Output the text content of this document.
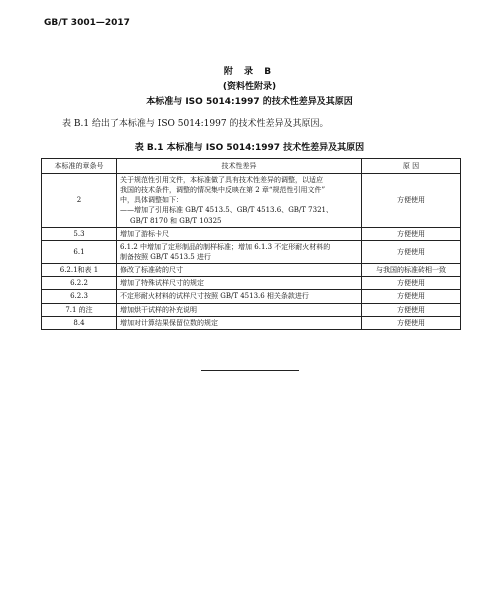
GB/T 3001—2017
附 录 B
(资料性附录)
本标准与 ISO 5014:1997 的技术性差异及其原因
表 B.1 给出了本标准与 ISO 5014:1997 的技术性差异及其原因。
表 B.1 本标准与 ISO 5014:1997 技术性差异及其原因
本标准的章条号	技术性差异	原 因
2	关于规范性引用文件，本标准做了具有技术性差异的调整，以适应
我国的技术条件，调整的情况集中反映在第 2 章“规范性引用文件”
中，具体调整如下：
——增加了引用标准 GB/T 4513.5、GB/T 4513.6、GB/T 7321、
GB/T 8170 和 GB/T 10325	方便使用
5.3	增加了游标卡尺	方便使用
6.1	6.1.2 中增加了定形制品的制样标准；增加 6.1.3 不定形耐火材料的
制备按照 GB/T 4513.5 进行	方便使用
6.2.1和表 1	修改了标准砖的尺寸	与我国的标准砖相一致
6.2.2	增加了特殊试样尺寸的规定	方便使用
6.2.3	不定形耐火材料的试样尺寸按照 GB/T 4513.6 相关条款进行	方便使用
7.1 的注	增加烘干试样的补充说明	方便使用
8.4	增加对计算结果保留位数的规定	方便使用
